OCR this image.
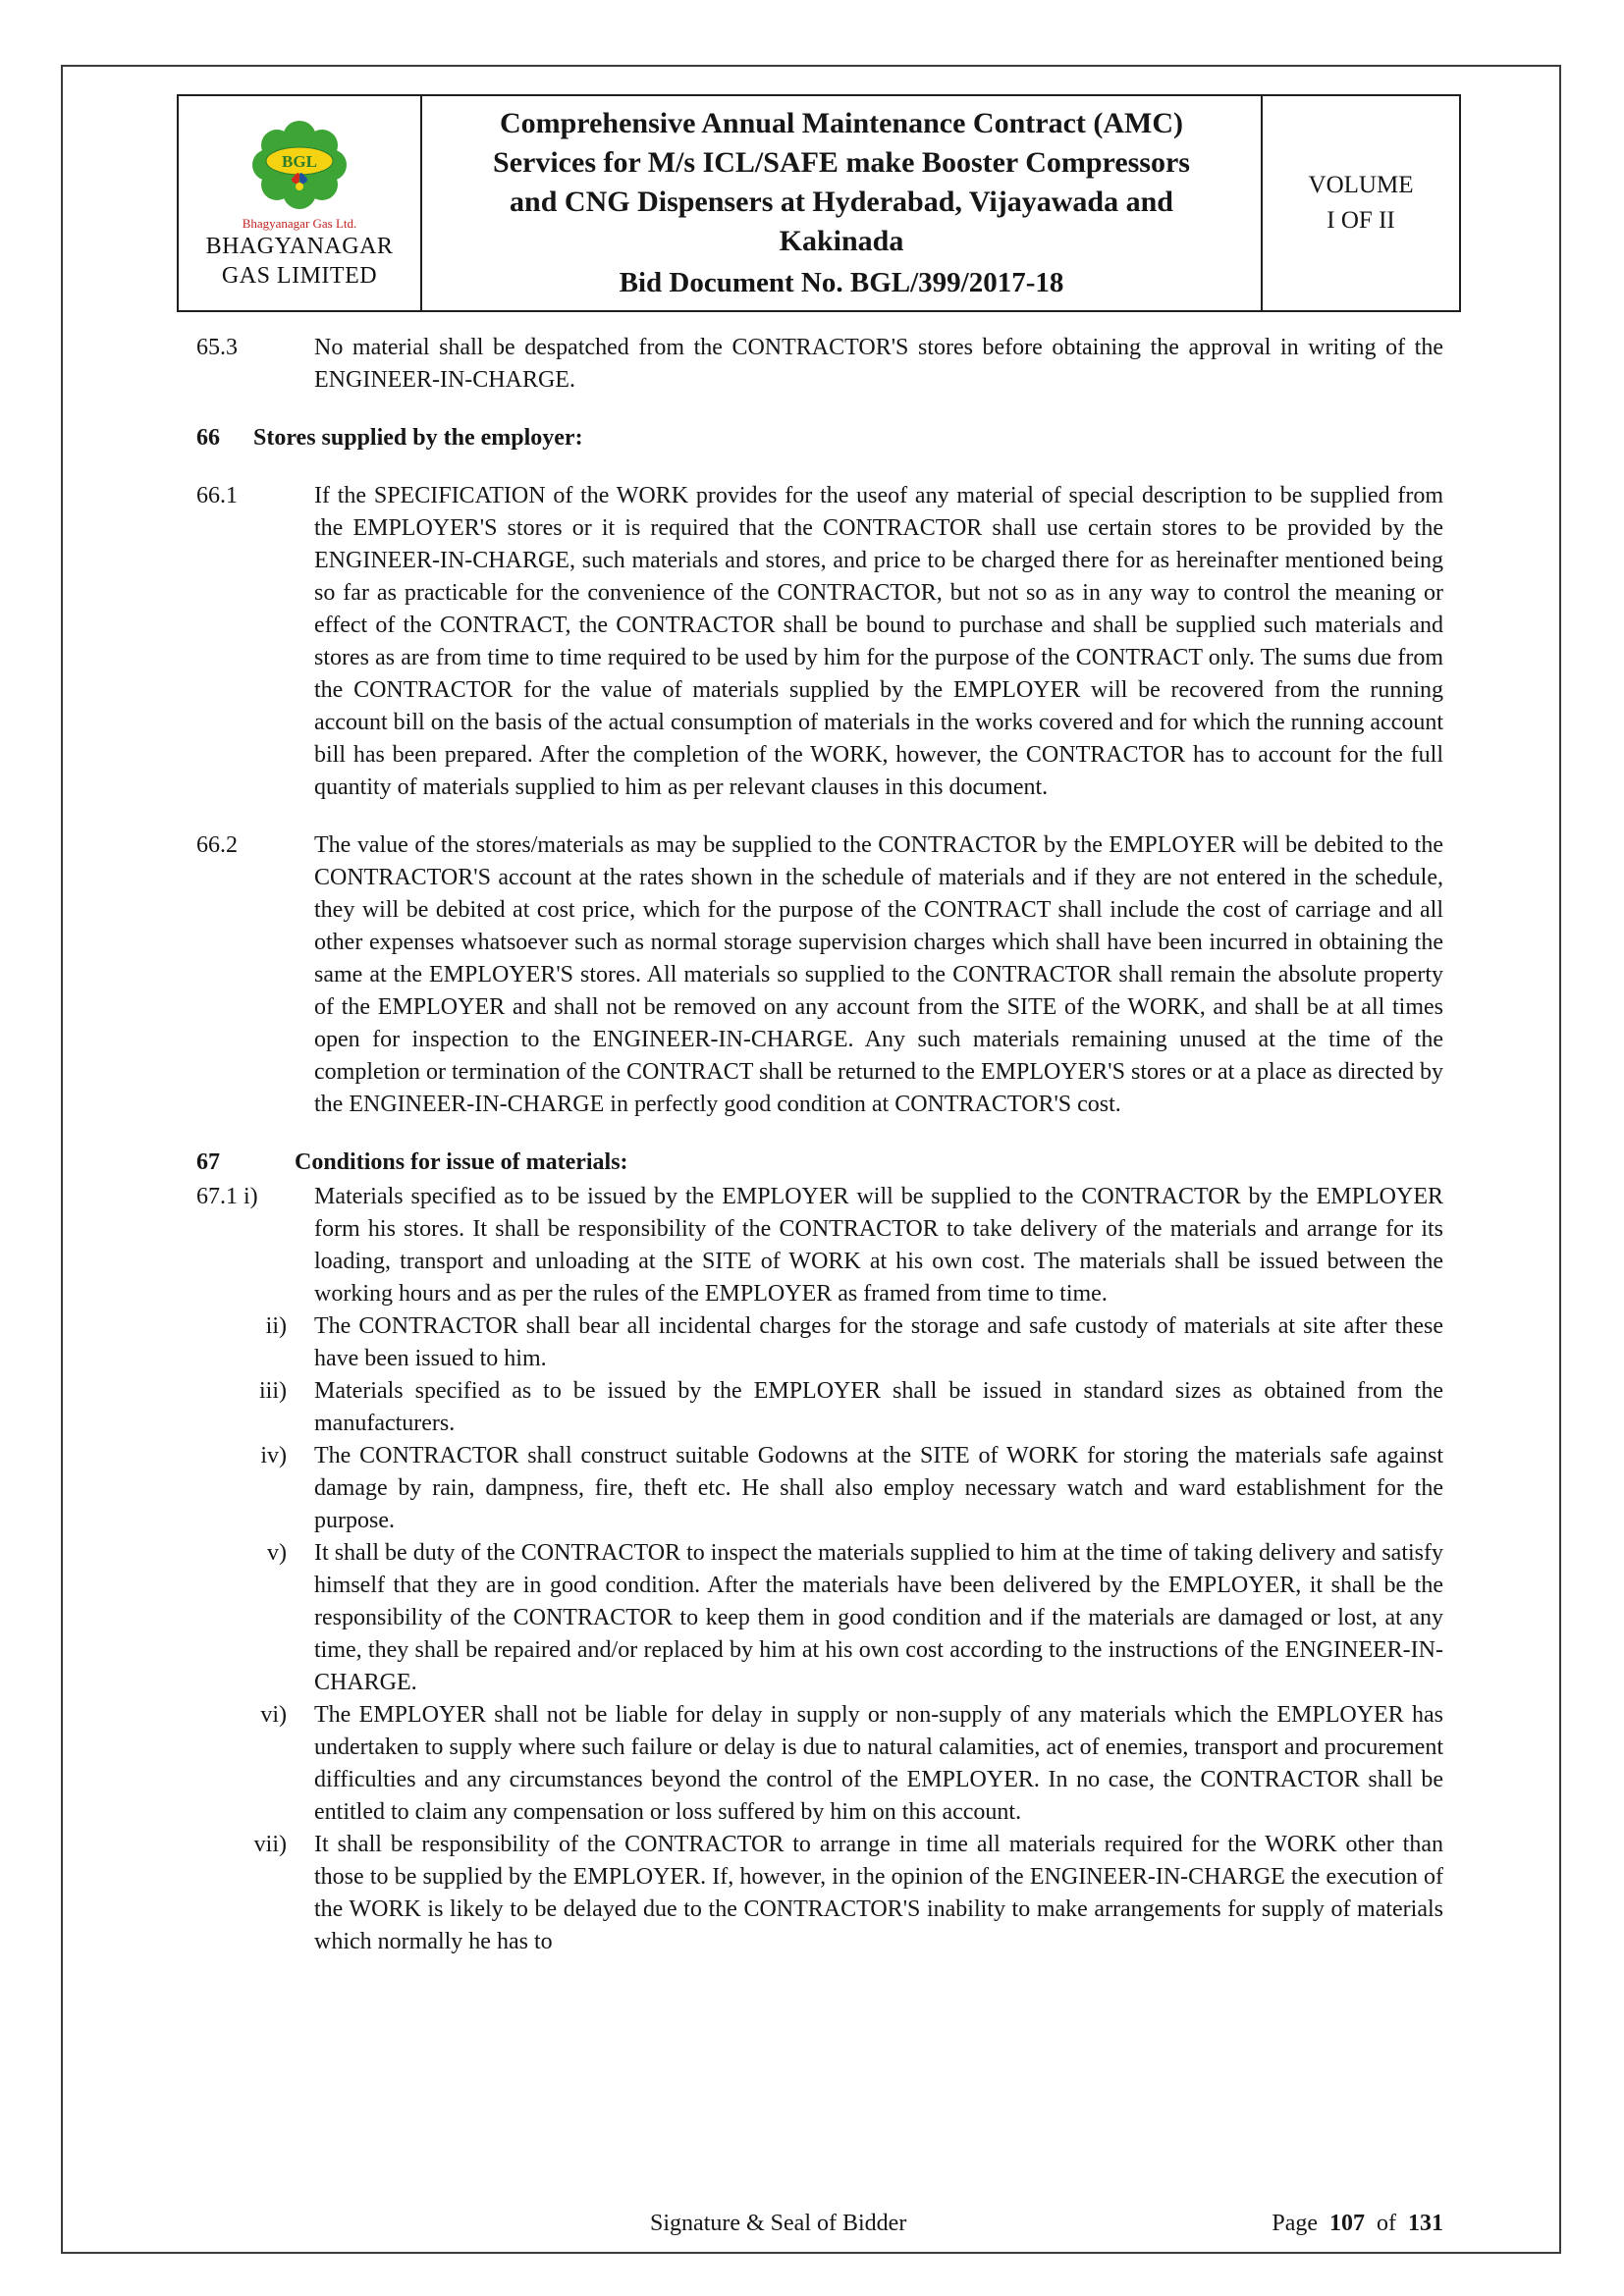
BGL
Bhagyanagar Gas Ltd.
BHAGYANAGAR
GAS LIMITED
Comprehensive Annual Maintenance Contract (AMC)
Services for M/s ICL/SAFE make Booster Compressors
and CNG Dispensers at Hyderabad, Vijayawada and
Kakinada
Bid Document No. BGL/399/2017-18
VOLUME
I OF II
65.3	No material shall be despatched from the CONTRACTOR'S stores before obtaining the approval in writing of the ENGINEER-IN-CHARGE.
66	Stores supplied by the employer:
66.1	If the SPECIFICATION of the WORK provides for the useof any material of special description to be supplied from the EMPLOYER'S stores or it is required that the CONTRACTOR shall use certain stores to be provided by the ENGINEER-IN-CHARGE, such materials and stores, and price to be charged there for as hereinafter mentioned being so far as practicable for the convenience of the CONTRACTOR, but not so as in any way to control the meaning or effect of the CONTRACT, the CONTRACTOR shall be bound to purchase and shall be supplied such materials and stores as are from time to time required to be used by him for the purpose of the CONTRACT only. The sums due from the CONTRACTOR for the value of materials supplied by the EMPLOYER will be recovered from the running account bill on the basis of the actual consumption of materials in the works covered and for which the running account bill has been prepared. After the completion of the WORK, however, the CONTRACTOR has to account for the full quantity of materials supplied to him as per relevant clauses in this document.
66.2	The value of the stores/materials as may be supplied to the CONTRACTOR by the EMPLOYER will be debited to the CONTRACTOR'S account at the rates shown in the schedule of materials and if they are not entered in the schedule, they will be debited at cost price, which for the purpose of the CONTRACT shall include the cost of carriage and all other expenses whatsoever such as normal storage supervision charges which shall have been incurred in obtaining the same at the EMPLOYER'S stores. All materials so supplied to the CONTRACTOR shall remain the absolute property of the EMPLOYER and shall not be removed on any account from the SITE of the WORK, and shall be at all times open for inspection to the ENGINEER-IN-CHARGE. Any such materials remaining unused at the time of the completion or termination of the CONTRACT shall be returned to the EMPLOYER'S stores or at a place as directed by the ENGINEER-IN-CHARGE in perfectly good condition at CONTRACTOR'S cost.
67	Conditions for issue of materials:
67.1 i)	Materials specified as to be issued by the EMPLOYER will be supplied to the CONTRACTOR by the EMPLOYER form his stores. It shall be responsibility of the CONTRACTOR to take delivery of the materials and arrange for its loading, transport and unloading at the SITE of WORK at his own cost. The materials shall be issued between the working hours and as per the rules of the EMPLOYER as framed from time to time.
ii)	The CONTRACTOR shall bear all incidental charges for the storage and safe custody of materials at site after these have been issued to him.
iii)	Materials specified as to be issued by the EMPLOYER shall be issued in standard sizes as obtained from the manufacturers.
iv)	The CONTRACTOR shall construct suitable Godowns at the SITE of WORK for storing the materials safe against damage by rain, dampness, fire, theft etc. He shall also employ necessary watch and ward establishment for the purpose.
v)	It shall be duty of the CONTRACTOR to inspect the materials supplied to him at the time of taking delivery and satisfy himself that they are in good condition. After the materials have been delivered by the EMPLOYER, it shall be the responsibility of the CONTRACTOR to keep them in good condition and if the materials are damaged or lost, at any time, they shall be repaired and/or replaced by him at his own cost according to the instructions of the ENGINEER-IN-CHARGE.
vi)	The EMPLOYER shall not be liable for delay in supply or non-supply of any materials which the EMPLOYER has undertaken to supply where such failure or delay is due to natural calamities, act of enemies, transport and procurement difficulties and any circumstances beyond the control of the EMPLOYER. In no case, the CONTRACTOR shall be entitled to claim any compensation or loss suffered by him on this account.
vii)	It shall be responsibility of the CONTRACTOR to arrange in time all materials required for the WORK other than those to be supplied by the EMPLOYER. If, however, in the opinion of the ENGINEER-IN-CHARGE the execution of the WORK is likely to be delayed due to the CONTRACTOR'S inability to make arrangements for supply of materials which normally he has to
Signature & Seal of Bidder	Page 107 of 131
